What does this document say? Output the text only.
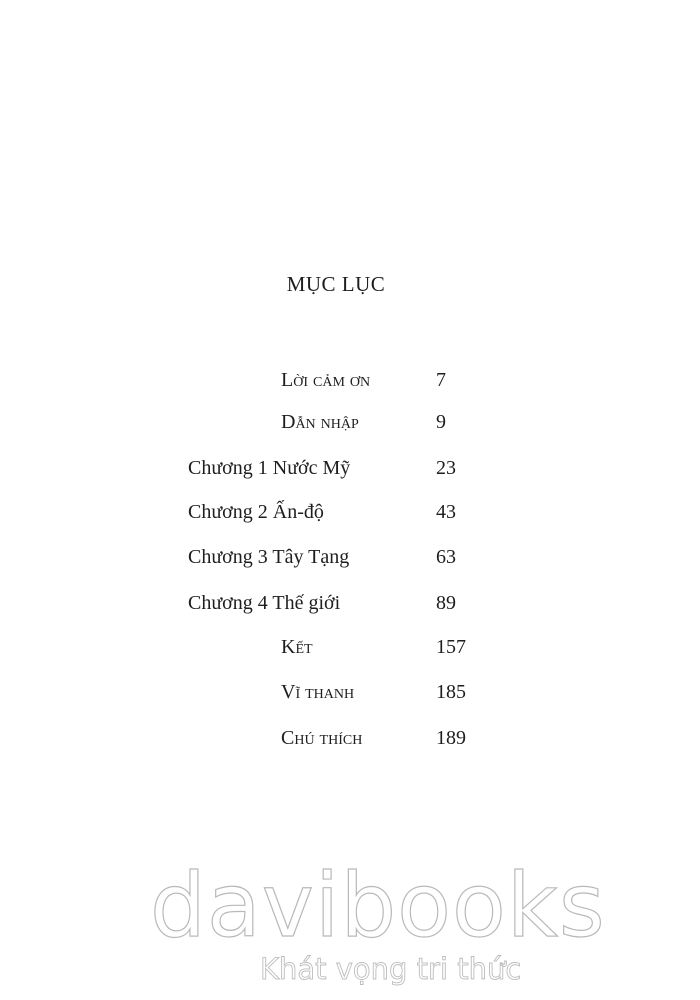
MỤC LỤC
Lời cảm ơn	7
Dẫn nhập	9
Chương 1 Nước Mỹ	23
Chương 2 Ấn-độ	43
Chương 3 Tây Tạng	63
Chương 4 Thế giới	89
Kết	157
Vĩ thanh	185
Chú thích	189
davibooks
Khát vọng tri thức
